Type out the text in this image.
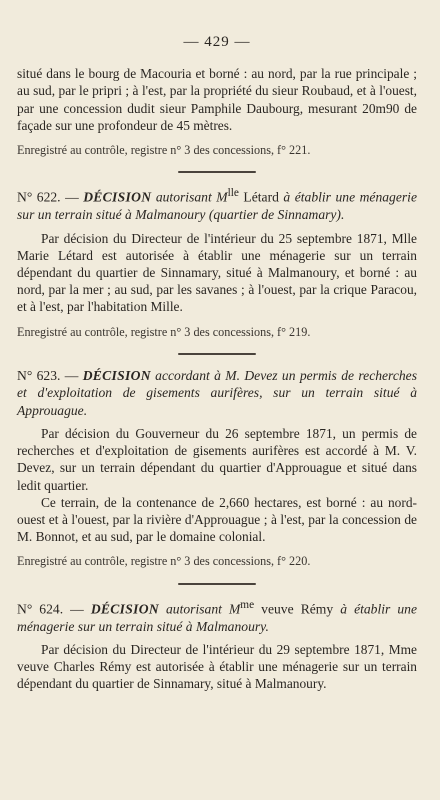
— 429 —

situé dans le bourg de Macouria et borné : au nord, par la rue principale ; au sud, par le pripri ; à l'est, par la propriété du sieur Roubaud, et à l'ouest, par une concession dudit sieur Pamphile Daubourg, mesurant 20m90 de façade sur une profondeur de 45 mètres.

Enregistré au contrôle, registre n° 3 des concessions, f° 221.

N° 622. — DÉCISION autorisant $M^{lle}$ Létard à établir une ménagerie sur un terrain situé à Malmanoury (quartier de Sinnamary).

Par décision du Directeur de l'intérieur du 25 septembre 1871, Mlle Marie Létard est autorisée à établir une ménagerie sur un terrain dépendant du quartier de Sinnamary, situé à Malmanoury, et borné : au nord, par la mer ; au sud, par les savanes ; à l'ouest, par la crique Paracou, et à l'est, par l'habitation Mille.

Enregistré au contrôle, registre n° 3 des concessions, f° 219.

N° 623. — DÉCISION accordant à M. Devez un permis de recherches et d'exploitation de gisements aurifères, sur un terrain situé à Approuague.

Par décision du Gouverneur du 26 septembre 1871, un permis de recherches et d'exploitation de gisements aurifères est accordé à M. V. Devez, sur un terrain dépendant du quartier d'Approuague et situé dans ledit quartier.

Ce terrain, de la contenance de 2,660 hectares, est borné : au nord-ouest et à l'ouest, par la rivière d'Approuague ; à l'est, par la concession de M. Bonnot, et au sud, par le domaine colonial.

Enregistré au contrôle, registre n° 3 des concessions, f° 220.

N° 624. — DÉCISION autorisant $M^{me}$ veuve Rémy à établir une ménagerie sur un terrain situé à Malmanoury.

Par décision du Directeur de l'intérieur du 29 septembre 1871, Mme veuve Charles Rémy est autorisée à établir une ménagerie sur un terrain dépendant du quartier de Sinnamary, situé à Malmanoury.
